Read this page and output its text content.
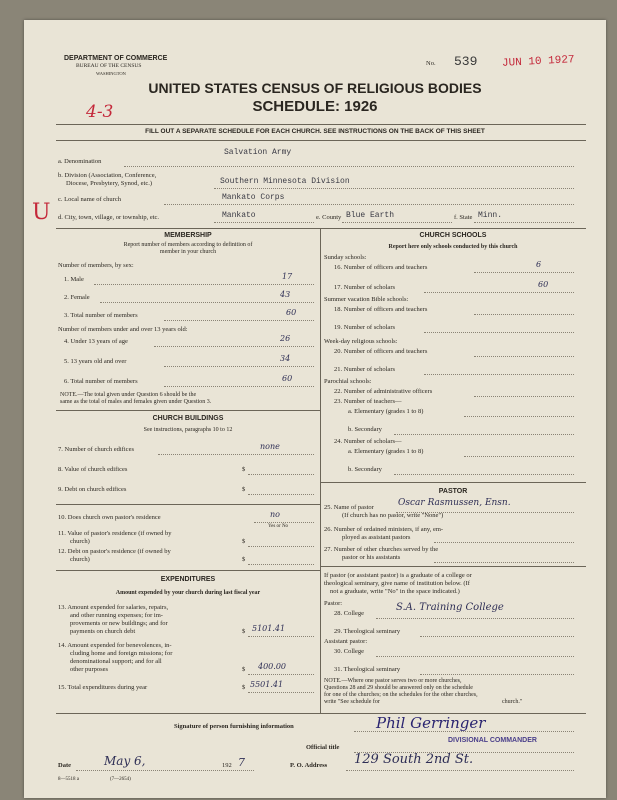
DEPARTMENT OF COMMERCE
BUREAU OF THE CENSUS
WASHINGTON
No. 539 JUN 10 1927
UNITED STATES CENSUS OF RELIGIOUS BODIES
SCHEDULE: 1926
4-3
FILL OUT A SEPARATE SCHEDULE FOR EACH CHURCH. SEE INSTRUCTIONS ON THE BACK OF THIS SHEET
a. Denomination
Salvation Army
b. Division (Association, Conference,
Diocese, Presbytery, Synod, etc.)	Southern Minnesota Division
c. Local name of church	Mankato Corps
U d. City, town, village, or township, etc.	Mankato	e. County Blue Earth	f. State Minn.
MEMBERSHIP
Report number of members according to definition of
member in your church
Number of members, by sex:
1. Male	17
2. Female	43
3. Total number of members	60
Number of members under and over 13 years old:
4. Under 13 years of age	26
5. 13 years old and over	34
6. Total number of members	60
NOTE.—The total given under Question 6 should be the
same as the total of males and females given under Question 3.
CHURCH BUILDINGS
See instructions, paragraphs 10 to 12
7. Number of church edifices	none
8. Value of church edifices	$
9. Debt on church edifices	$
10. Does church own pastor's residence	no
Yes or No
11. Value of pastor's residence (if owned by
church)	$
12. Debt on pastor's residence (if owned by
church)	$
EXPENDITURES
Amount expended by your church during last fiscal year
13. Amount expended for salaries, repairs,
and other running expenses; for im-
provements or new buildings; and for
payments on church debt	$ 5101.41
14. Amount expended for benevolences, in-
cluding home and foreign missions; for
denominational support; and for all
other purposes	$ 400.00
15. Total expenditures during year	$ 5501.41
CHURCH SCHOOLS
Report here only schools conducted by this church
Sunday schools:
16. Number of officers and teachers	6
17. Number of scholars	60
Summer vacation Bible schools:
18. Number of officers and teachers
19. Number of scholars
Week-day religious schools:
20. Number of officers and teachers
21. Number of scholars
Parochial schools:
22. Number of administrative officers
23. Number of teachers—
a. Elementary (grades 1 to 8)
b. Secondary
24. Number of scholars—
a. Elementary (grades 1 to 8)
b. Secondary
PASTOR
25. Name of pastor	Oscar Rasmussen, Ensn.
(If church has no pastor, write "None")
26. Number of ordained ministers, if any, em-
ployed as assistant pastors
27. Number of other churches served by the
pastor or his assistants
If pastor (or assistant pastor) is a graduate of a college or
theological seminary, give name of institution below. (If
not a graduate, write "No" in the space indicated.)
Pastor:
28. College
S.A. Training College
29. Theological seminary
Assistant pastor:
30. College
31. Theological seminary
NOTE.—Where one pastor serves two or more churches,
Questions 28 and 29 should be answered only on the schedule
for one of the churches; on the schedules for the other churches,
write "See schedule for	church."
Signature of person furnishing information	Phil Gerringer
Official title
DIVISIONAL COMMANDER
Date	May 6,	192 7	P. O. Address 129 South 2nd St.
8—5518 a	(7—2654)
